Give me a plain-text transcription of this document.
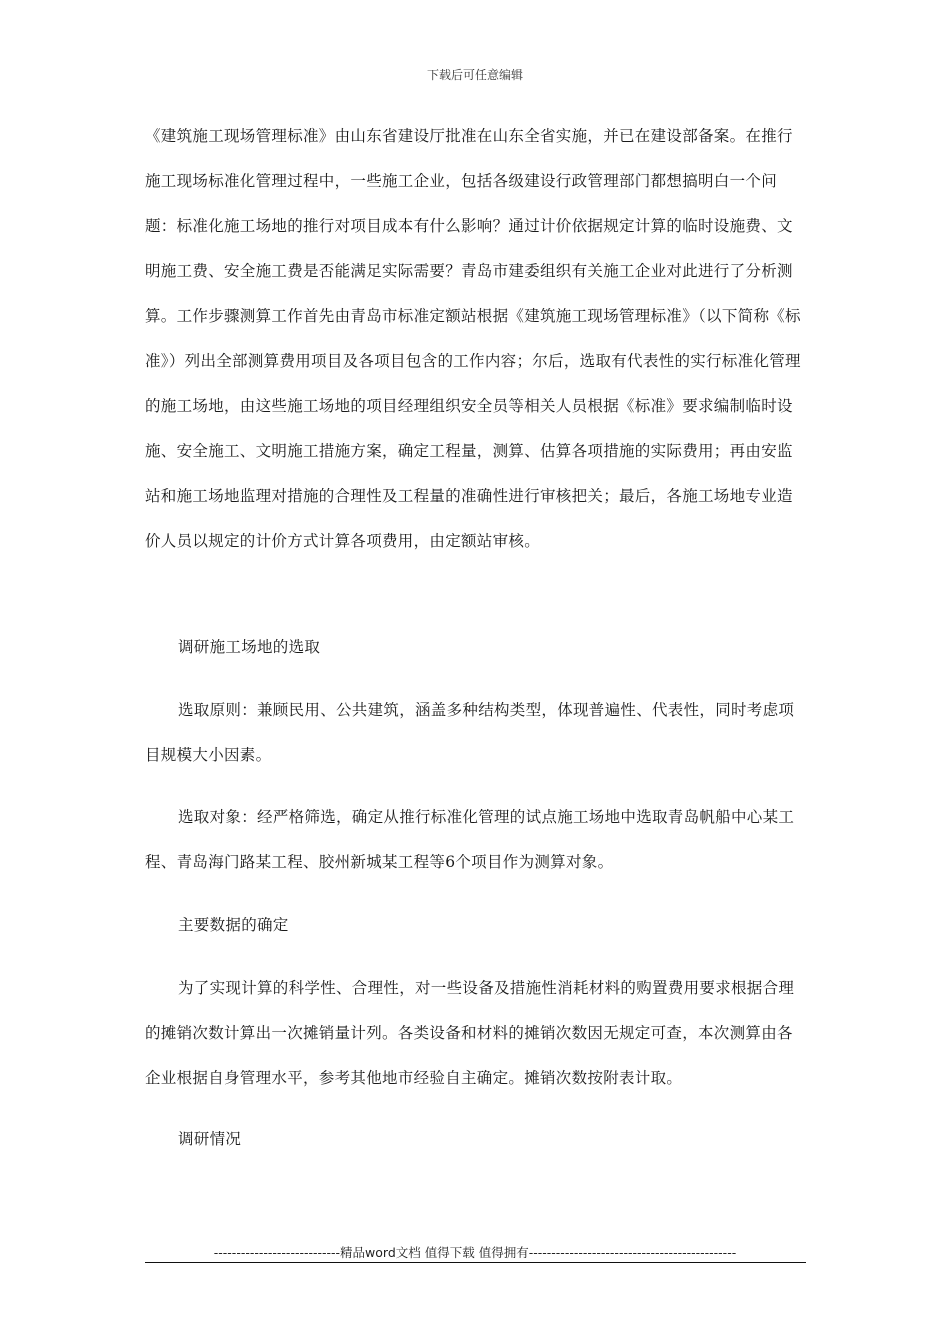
下载后可任意编辑

《建筑施工现场管理标准》由山东省建设厅批准在山东全省实施，并已在建设部备案。在推行施工现场标准化管理过程中，一些施工企业，包括各级建设行政管理部门都想搞明白一个问题：标准化施工场地的推行对项目成本有什么影响？通过计价依据规定计算的临时设施费、文明施工费、安全施工费是否能满足实际需要？青岛市建委组织有关施工企业对此进行了分析测算。工作步骤测算工作首先由青岛市标准定额站根据《建筑施工现场管理标准》（以下简称《标准》）列出全部测算费用项目及各项目包含的工作内容；尔后，选取有代表性的实行标准化管理的施工场地，由这些施工场地的项目经理组织安全员等相关人员根据《标准》要求编制临时设施、安全施工、文明施工措施方案，确定工程量，测算、估算各项措施的实际费用；再由安监站和施工场地监理对措施的合理性及工程量的准确性进行审核把关；最后，各施工场地专业造价人员以规定的计价方式计算各项费用，由定额站审核。

调研施工场地的选取

选取原则：兼顾民用、公共建筑，涵盖多种结构类型，体现普遍性、代表性，同时考虑项目规模大小因素。

选取对象：经严格筛选，确定从推行标准化管理的试点施工场地中选取青岛帆船中心某工程、青岛海门路某工程、胶州新城某工程等6个项目作为测算对象。

主要数据的确定

为了实现计算的科学性、合理性，对一些设备及措施性消耗材料的购置费用要求根据合理的摊销次数计算出一次摊销量计列。各类设备和材料的摊销次数因无规定可查，本次测算由各企业根据自身管理水平，参考其他地市经验自主确定。摊销次数按附表计取。

调研情况

----------------------------精品word文档 值得下载 值得拥有----------------------------------------------
